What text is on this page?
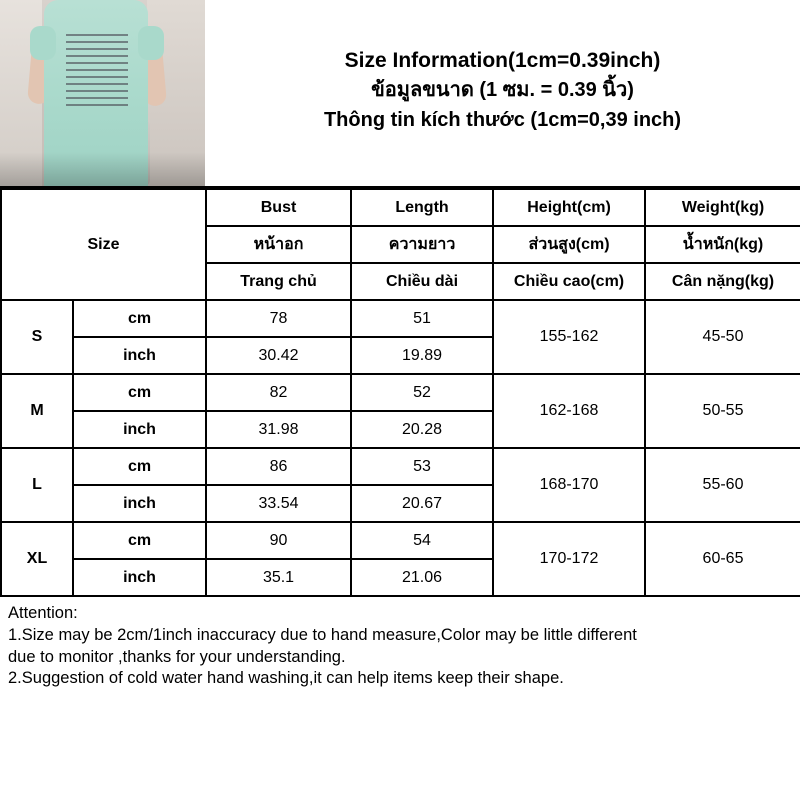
Size Information(1cm=0.39inch)
ข้อมูลขนาด (1 ซม. = 0.39 นิ้ว)
Thông tin kích thước (1cm=0,39 inch)
Size		Bust	Length	Height(cm)	Weight(kg)
		หน้าอก	ความยาว	ส่วนสูง(cm)	น้ำหนัก(kg)
		Trang chủ	Chiều dài	Chiều cao(cm)	Cân nặng(kg)
S	cm	78	51	155-162	45-50
	inch	30.42	19.89		
M	cm	82	52	162-168	50-55
	inch	31.98	20.28		
L	cm	86	53	168-170	55-60
	inch	33.54	20.67		
XL	cm	90	54	170-172	60-65
	inch	35.1	21.06		
Attention:
1.Size may be 2cm/1inch inaccuracy due to hand measure,Color may be little different
due to monitor ,thanks for your understanding.
2.Suggestion of cold water hand washing,it can help items keep their shape.
